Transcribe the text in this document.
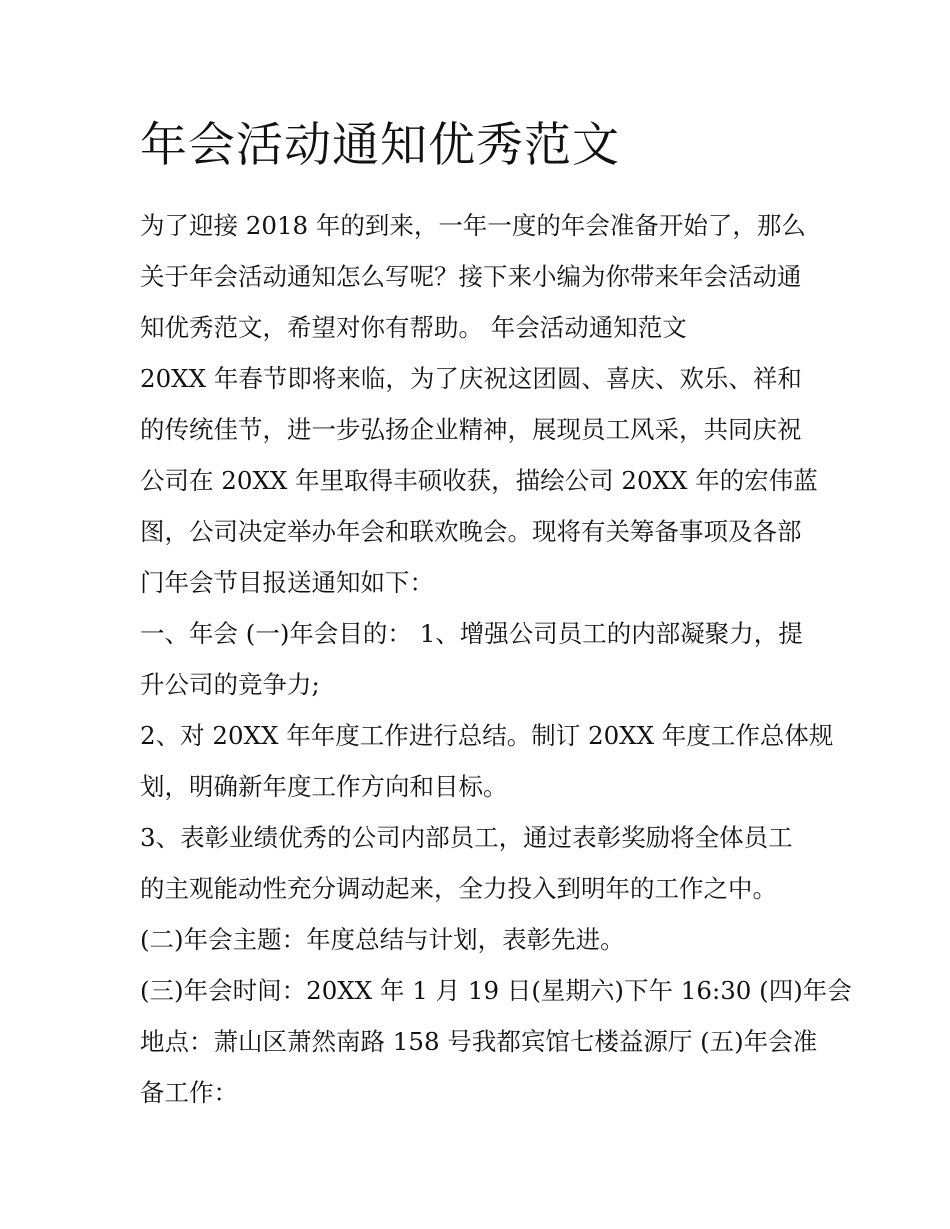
年会活动通知优秀范文
为了迎接 2018 年的到来，一年一度的年会准备开始了，那么
关于年会活动通知怎么写呢？接下来小编为你带来年会活动通
知优秀范文，希望对你有帮助。 年会活动通知范文
20XX 年春节即将来临，为了庆祝这团圆、喜庆、欢乐、祥和
的传统佳节，进一步弘扬企业精神，展现员工风采，共同庆祝
公司在 20XX 年里取得丰硕收获，描绘公司 20XX 年的宏伟蓝
图，公司决定举办年会和联欢晚会。现将有关筹备事项及各部
门年会节目报送通知如下：
一、年会 (一)年会目的： 1、增强公司员工的内部凝聚力，提
升公司的竞争力;
2、对 20XX 年年度工作进行总结。制订 20XX 年度工作总体规
划，明确新年度工作方向和目标。
3、表彰业绩优秀的公司内部员工，通过表彰奖励将全体员工
的主观能动性充分调动起来，全力投入到明年的工作之中。
(二)年会主题：年度总结与计划，表彰先进。
(三)年会时间：20XX 年 1 月 19 日(星期六)下午 16:30 (四)年会
地点：萧山区萧然南路 158 号我都宾馆七楼益源厅 (五)年会准
备工作：
